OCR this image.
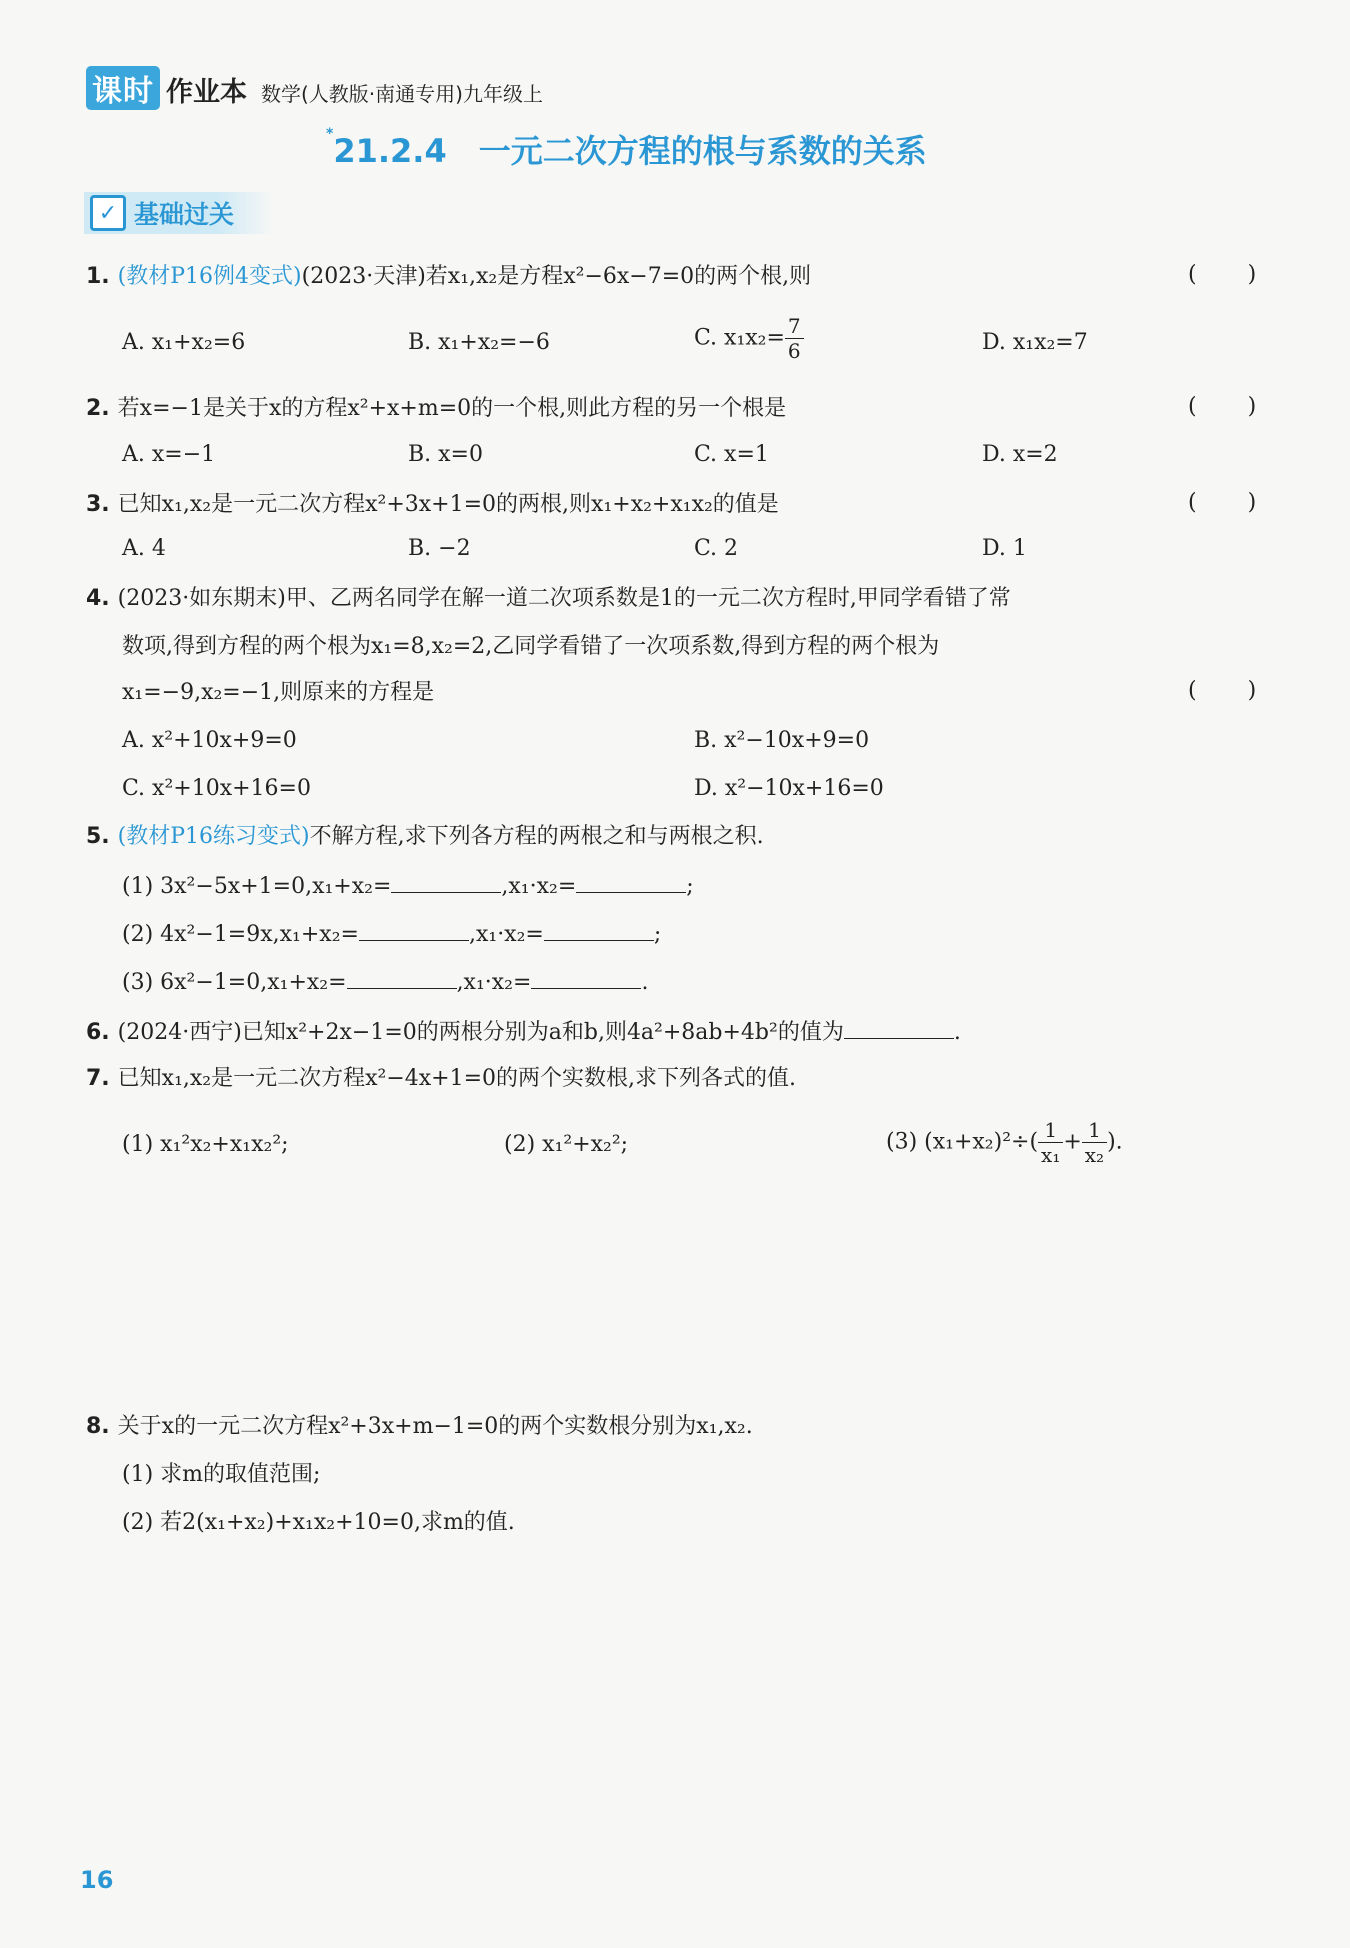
课时 作业本 数学(人教版·南通专用)九年级上
*21.2.4　一元二次方程的根与系数的关系
✓ 基础过关
1. (教材P16例4变式)(2023·天津)若x₁,x₂是方程x²−6x−7=0的两个根,则	( )
A. x₁+x₂=6	B. x₁+x₂=−6	C. $x_1x_2= \frac{7}{6}$	D. x₁x₂=7
2. 若x=−1是关于x的方程x²+x+m=0的一个根,则此方程的另一个根是	( )
A. x=−1	B. x=0	C. x=1	D. x=2
3. 已知x₁,x₂是一元二次方程x²+3x+1=0的两根,则x₁+x₂+x₁x₂的值是	( )
A. 4	B. −2	C. 2	D. 1
4. (2023·如东期末)甲、乙两名同学在解一道二次项系数是1的一元二次方程时,甲同学看错了常
数项,得到方程的两个根为x₁=8,x₂=2,乙同学看错了一次项系数,得到方程的两个根为
x₁=−9,x₂=−1,则原来的方程是	( )
A. x²+10x+9=0	B. x²−10x+9=0
C. x²+10x+16=0	D. x²−10x+16=0
5. (教材P16练习变式)不解方程,求下列各方程的两根之和与两根之积.
(1) 3x²−5x+1=0,x₁+x₂=	,x₁·x₂=	;
(2) 4x²−1=9x,x₁+x₂=	,x₁·x₂=	;
(3) 6x²−1=0,x₁+x₂=	,x₁·x₂=	.
6. (2024·西宁)已知x²+2x−1=0的两根分别为a和b,则4a²+8ab+4b²的值为	.
7. 已知x₁,x₂是一元二次方程x²−4x+1=0的两个实数根,求下列各式的值.
(1) x₁²x₂+x₁x₂²;	(2) x₁²+x₂²;	(3) $(x_1+x_2)^2\div( \frac{1}{\text{x₁}} + \frac{1}{\text{x₂}}$ ).
8. 关于x的一元二次方程x²+3x+m−1=0的两个实数根分别为x₁,x₂.
(1) 求m的取值范围;
(2) 若2(x₁+x₂)+x₁x₂+10=0,求m的值.
16
